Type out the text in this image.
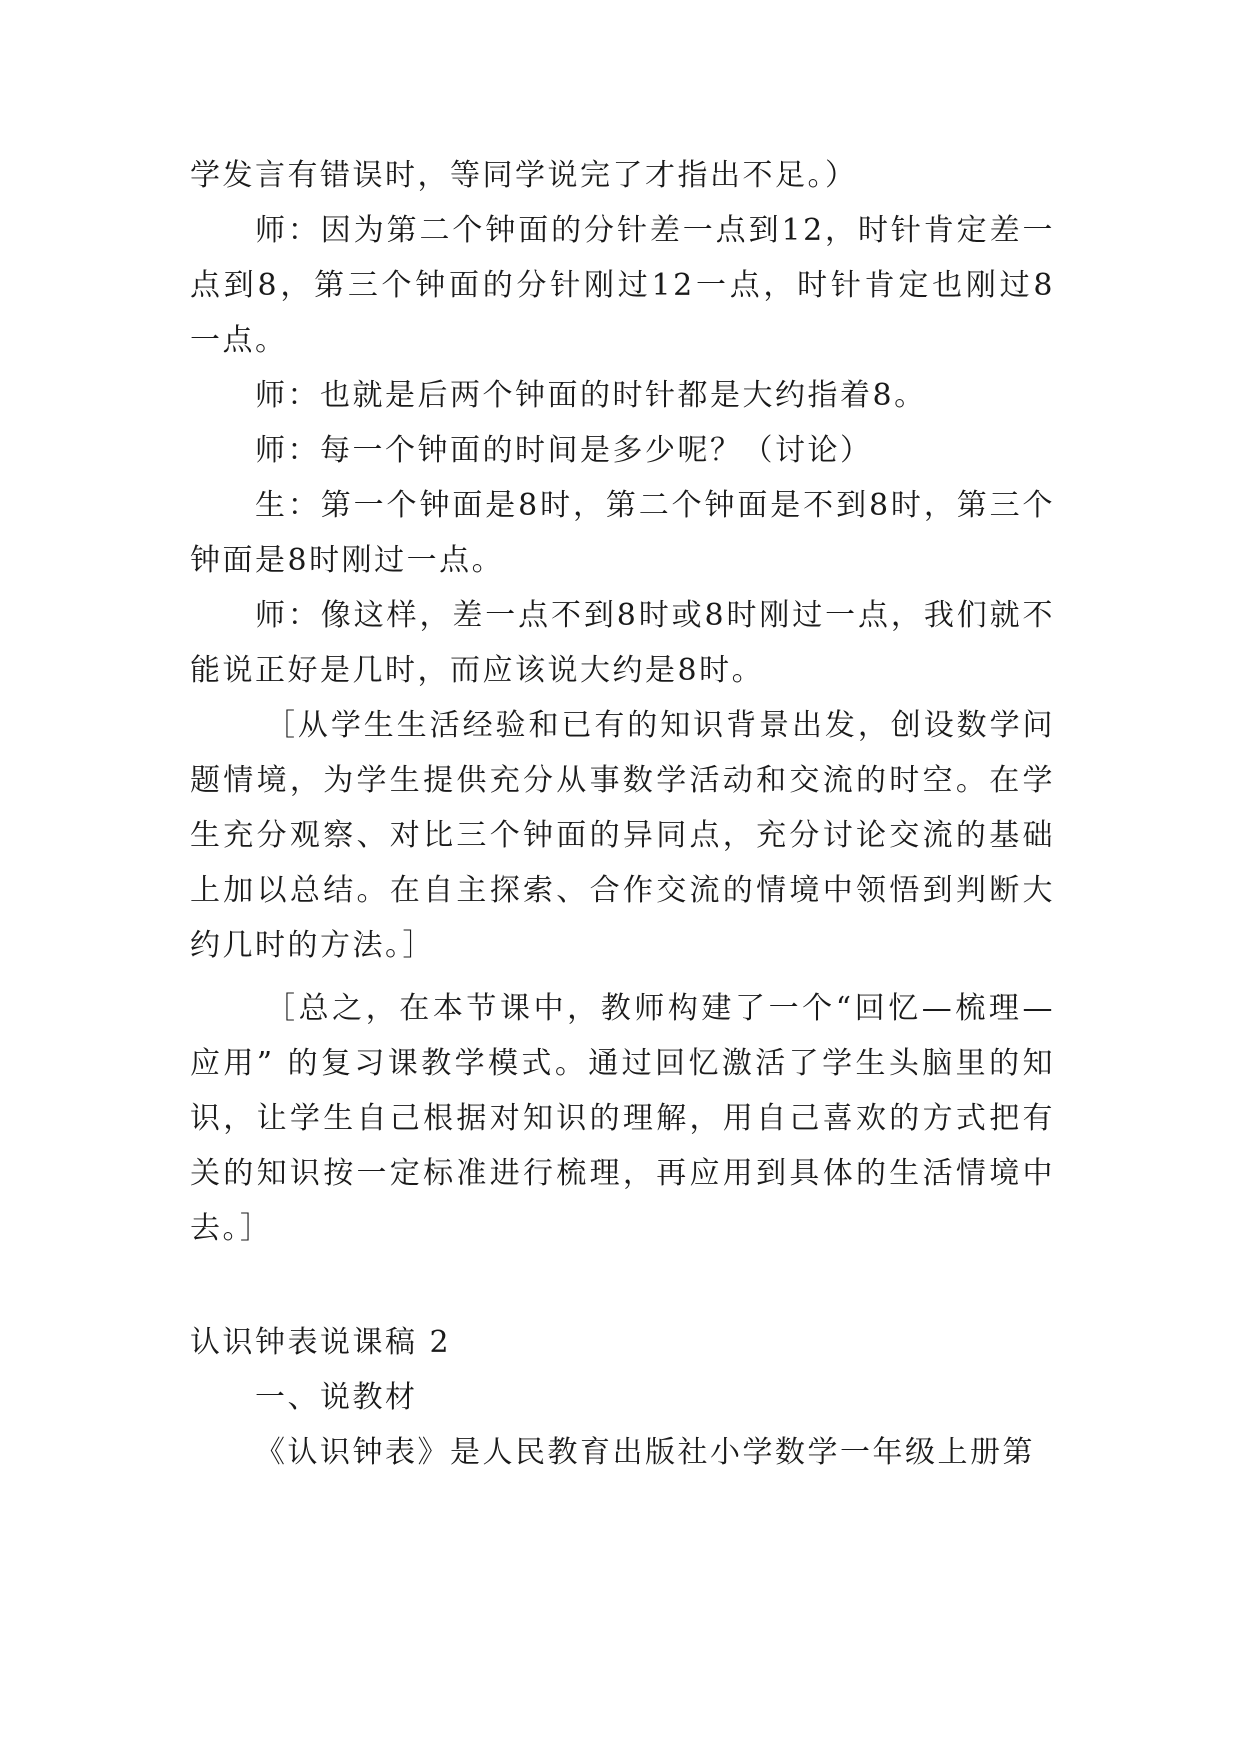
学发言有错误时，等同学说完了才指出不足。）

师：因为第二个钟面的分针差一点到12，时针肯定差一点到8，第三个钟面的分针刚过12一点，时针肯定也刚过8一点。

师：也就是后两个钟面的时针都是大约指着8。

师：每一个钟面的时间是多少呢？（讨论）

生：第一个钟面是8时，第二个钟面是不到8时，第三个钟面是8时刚过一点。

师：像这样，差一点不到8时或8时刚过一点，我们就不能说正好是几时，而应该说大约是8时。

［从学生生活经验和已有的知识背景出发，创设数学问题情境，为学生提供充分从事数学活动和交流的时空。在学生充分观察、对比三个钟面的异同点，充分讨论交流的基础上加以总结。在自主探索、合作交流的情境中领悟到判断大约几时的方法。］

［总之，在本节课中，教师构建了一个“回忆—梳理—应用” 的复习课教学模式。通过回忆激活了学生头脑里的知识，让学生自己根据对知识的理解，用自己喜欢的方式把有关的知识按一定标准进行梳理，再应用到具体的生活情境中去。］

认识钟表说课稿 2

一、说教材

《认识钟表》是人民教育出版社小学数学一年级上册第
